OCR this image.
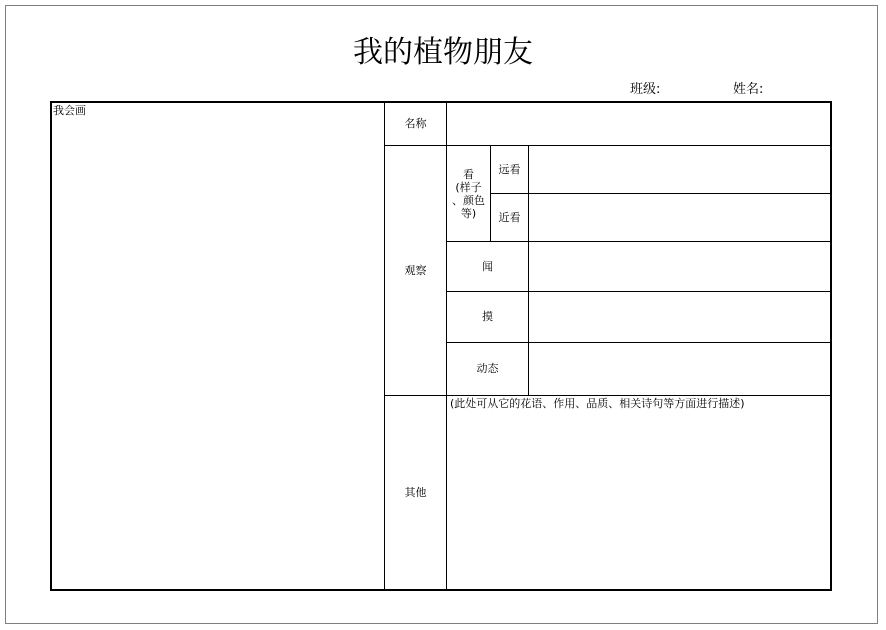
我的植物朋友
班级:	姓名:
我会画
名称
观察
看
(样子
、颜色
等)
远看
近看
闻
摸
动态
其他
(此处可从它的花语、作用、品质、相关诗句等方面进行描述)
